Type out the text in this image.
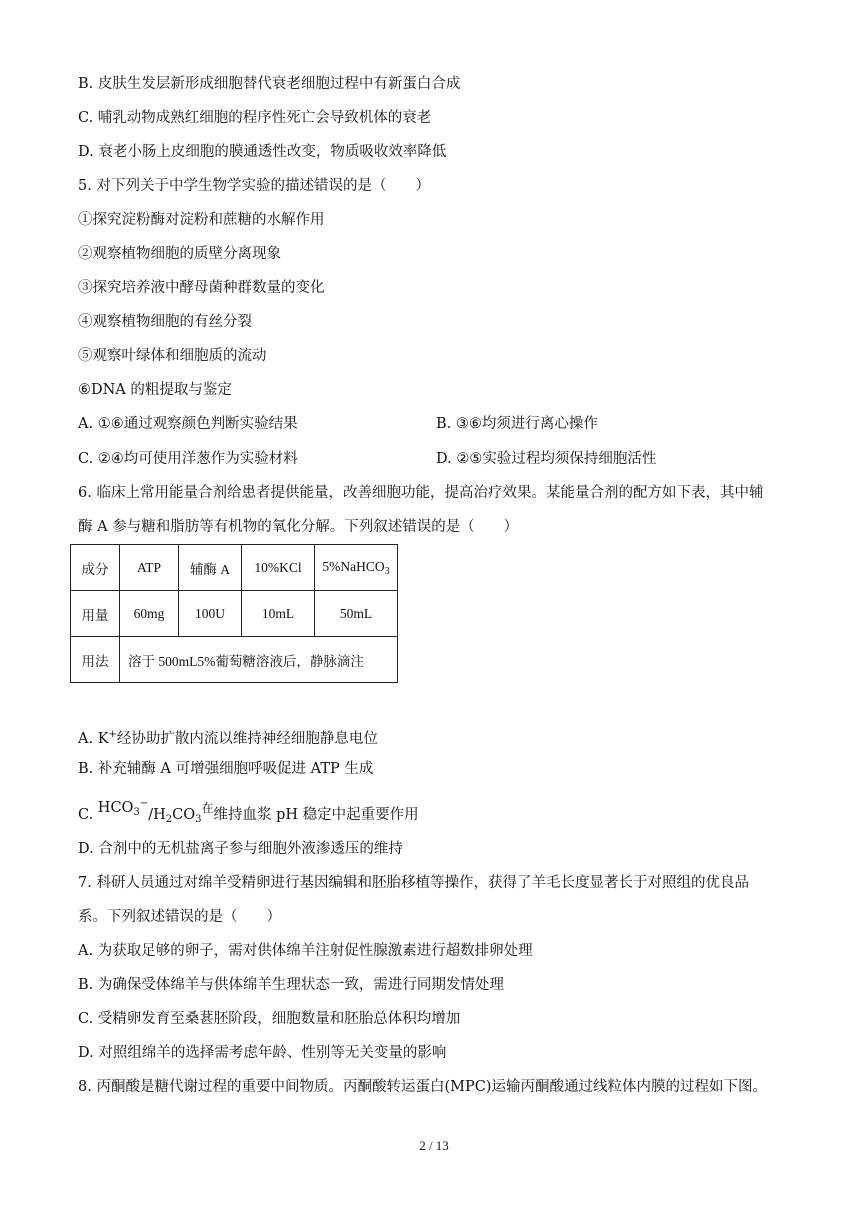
B. 皮肤生发层新形成细胞替代衰老细胞过程中有新蛋白合成
C. 哺乳动物成熟红细胞的程序性死亡会导致机体的衰老
D. 衰老小肠上皮细胞的膜通透性改变，物质吸收效率降低
5. 对下列关于中学生物学实验的描述错误的是（　　）
①探究淀粉酶对淀粉和蔗糖的水解作用
②观察植物细胞的质壁分离现象
③探究培养液中酵母菌种群数量的变化
④观察植物细胞的有丝分裂
⑤观察叶绿体和细胞质的流动
⑥DNA 的粗提取与鉴定
A. ①⑥通过观察颜色判断实验结果	B. ③⑥均须进行离心操作
C. ②④均可使用洋葱作为实验材料	D. ②⑤实验过程均须保持细胞活性
6. 临床上常用能量合剂给患者提供能量，改善细胞功能，提高治疗效果。某能量合剂的配方如下表，其中辅
酶 A 参与糖和脂肪等有机物的氧化分解。下列叙述错误的是（　　）
成分	ATP	辅酶 A	10%KCl	5%NaHCO$_3$
用量	60mg	100U	10mL	50mL
用法	溶于 500mL5%葡萄糖溶液后，静脉滴注			
A. K+经协助扩散内流以维持神经细胞静息电位
B. 补充辅酶 A 可增强细胞呼吸促进 ATP 生成
C. $HCO_3^-/H_2CO_3^在$维持血浆 pH 稳定中起重要作用
D. 合剂中的无机盐离子参与细胞外液渗透压的维持
7. 科研人员通过对绵羊受精卵进行基因编辑和胚胎移植等操作，获得了羊毛长度显著长于对照组的优良品
系。下列叙述错误的是（　　）
A. 为获取足够的卵子，需对供体绵羊注射促性腺激素进行超数排卵处理
B. 为确保受体绵羊与供体绵羊生理状态一致，需进行同期发情处理
C. 受精卵发育至桑葚胚阶段，细胞数量和胚胎总体积均增加
D. 对照组绵羊的选择需考虑年龄、性别等无关变量的影响
8. 丙酮酸是糖代谢过程的重要中间物质。丙酮酸转运蛋白(MPC)运输丙酮酸通过线粒体内膜的过程如下图。
2 / 13
